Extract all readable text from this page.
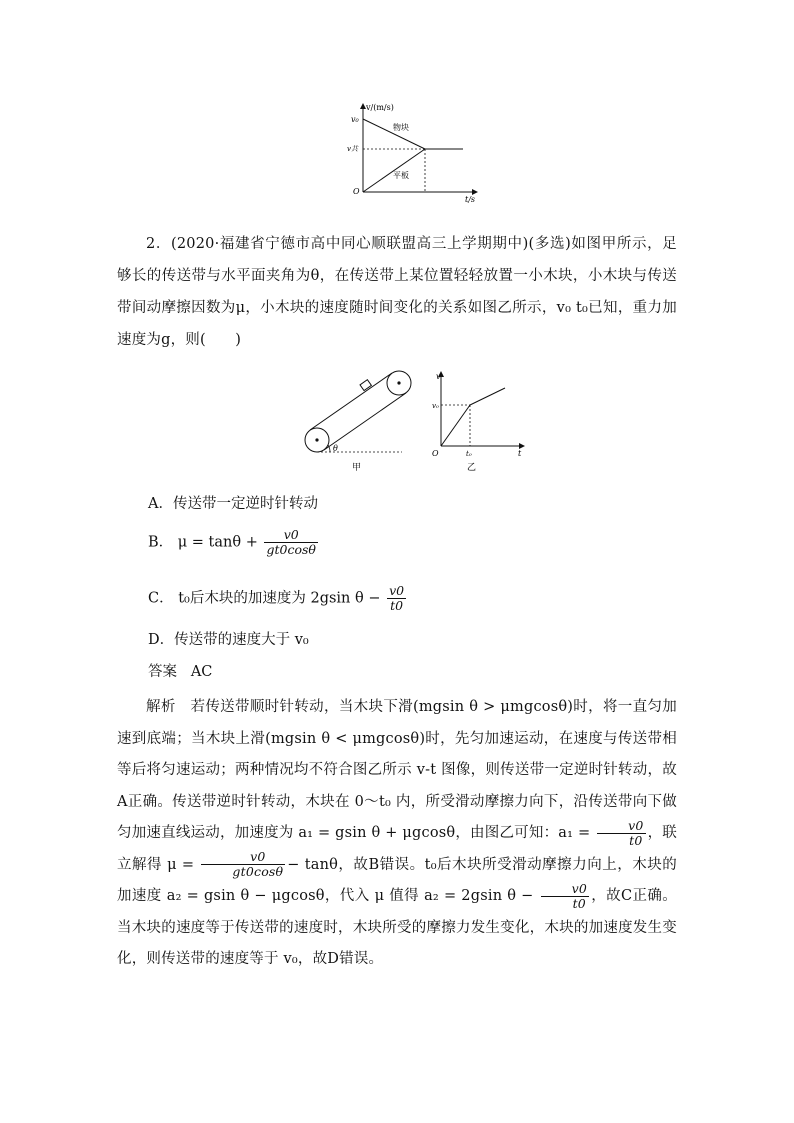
v/(m/s)
t/s
v₀
v共
O
物块
平板
2．(2020·福建省宁德市高中同心顺联盟高三上学期期中)(多选)如图甲所示，足够长的传送带与水平面夹角为θ，在传送带上某位置轻轻放置一小木块，小木块与传送带间动摩擦因数为μ，小木块的速度随时间变化的关系如图乙所示，v₀ t₀已知，重力加速度为g，则(　　)
θ
甲
v
t
v₀
t₀
O
乙
A．传送带一定逆时针转动
B． $\mu = \tan\theta + \frac{v0}{gt0\cos\theta}$
C． t₀后木块的加速度为 2gsin $\theta - \frac{v0}{t0}$
D．传送带的速度大于 v₀
答案 AC
解析 若传送带顺时针转动，当木块下滑(mgsin θ > μmgcosθ)时，将一直匀加速到底端；当木块上滑(mgsin θ < μmgcosθ)时，先匀加速运动，在速度与传送带相等后将匀速运动；两种情况均不符合图乙所示 v-t 图像，则传送带一定逆时针转动，故A正确。传送带逆时针转动，木块在 0～t₀ 内，所受滑动摩擦力向下，沿传送带向下做匀加速直线运动，加速度为 a₁ = gsin θ + μgcosθ，由图乙可知：$a_1 = \frac{v0}{t0}$ ，联立解得 $\mu = \frac{v0}{gt0\cos\theta} - \tan\theta$，故B错误。t₀后木块所受滑动摩擦力向上，木块的加速度 a₂ = gsin θ − μgcosθ，代入 μ 值得 a₂ = 2gsin $\theta - \frac{v0}{t0}$ ，故C正确。当木块的速度等于传送带的速度时，木块所受的摩擦力发生变化，木块的加速度发生变化，则传送带的速度等于 v₀，故D错误。
